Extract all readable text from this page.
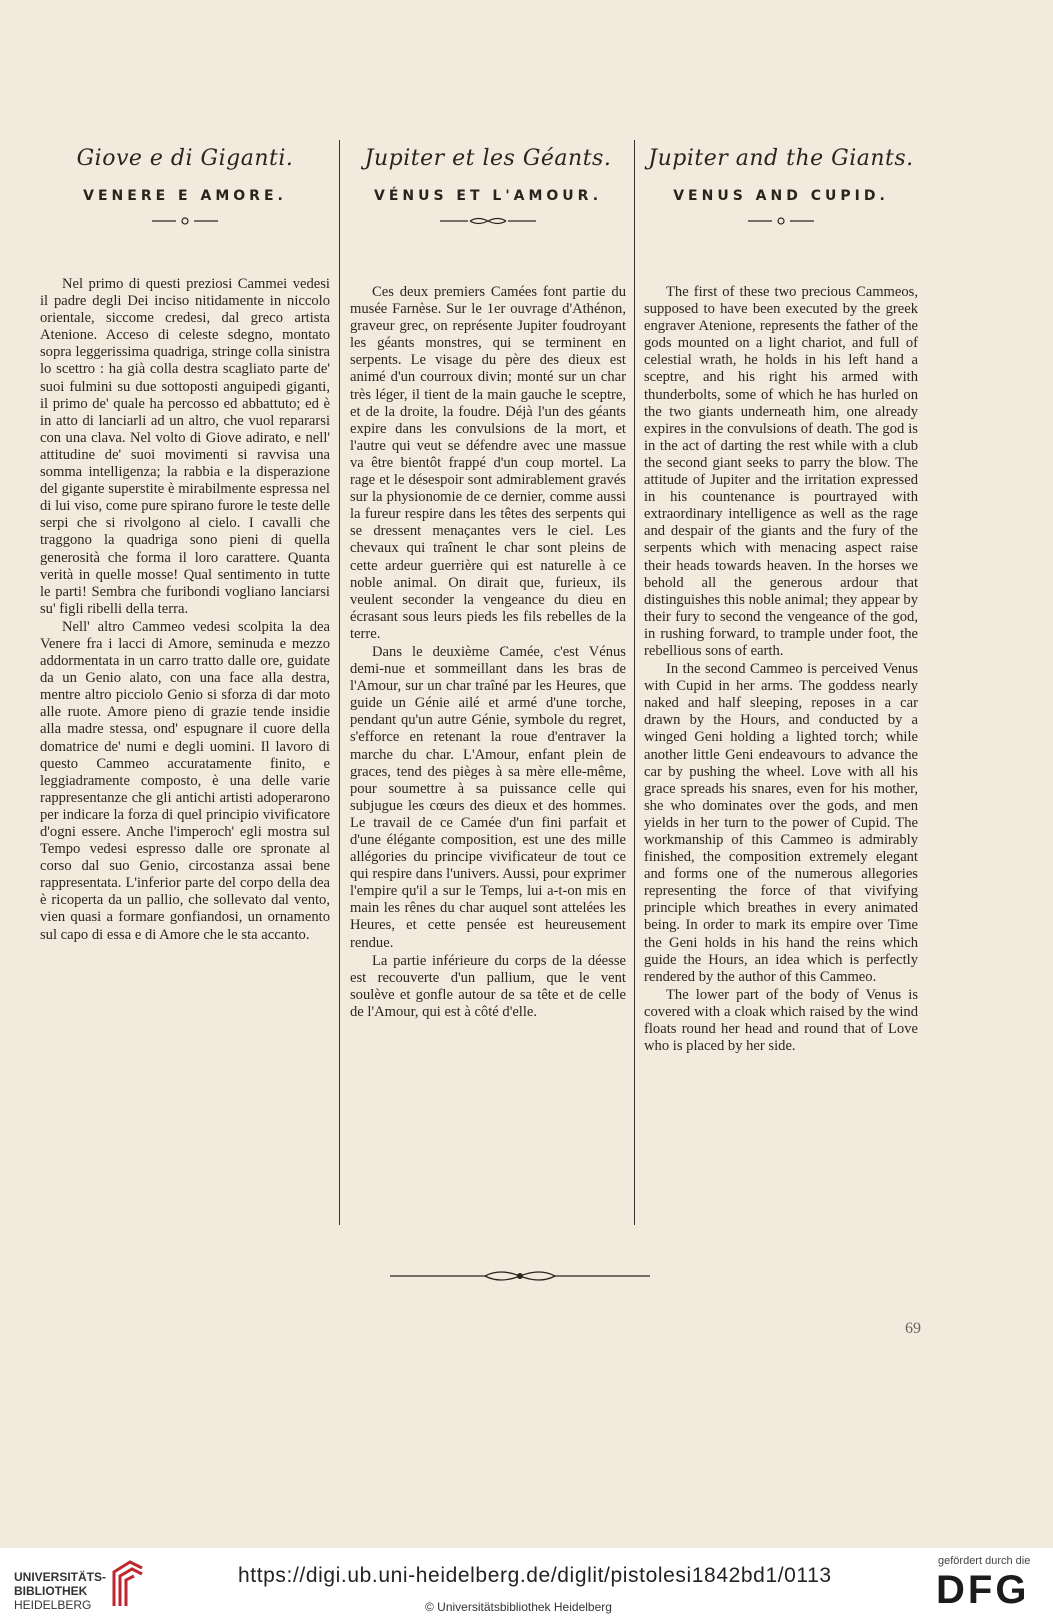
Giove e di Giganti.
VENERE E AMORE.

Nel primo di questi preziosi Cammei vedesi il padre degli Dei inciso nitidamente in niccolo orientale, siccome credesi, dal greco artista Atenione. Acceso di celeste sdegno, montato sopra leggerissima quadriga, stringe colla sinistra lo scettro : ha già colla destra scagliato parte de' suoi fulmini su due sottoposti anguipedi giganti, il primo de' quale ha percosso ed abbattuto; ed è in atto di lanciarli ad un altro, che vuol repararsi con una clava. Nel volto di Giove adirato, e nell' attitudine de' suoi movimenti si ravvisa una somma intelligenza; la rabbia e la disperazione del gigante superstite è mirabilmente espressa nel di lui viso, come pure spirano furore le teste delle serpi che si rivolgono al cielo. I cavalli che traggono la quadriga sono pieni di quella generosità che forma il loro carattere. Quanta verità in quelle mosse! Qual sentimento in tutte le parti! Sembra che furibondi vogliano lanciarsi su' figli ribelli della terra.

Nell' altro Cammeo vedesi scolpita la dea Venere fra i lacci di Amore, seminuda e mezzo addormentata in un carro tratto dalle ore, guidate da un Genio alato, con una face alla destra, mentre altro picciolo Genio si sforza di dar moto alle ruote. Amore pieno di grazie tende insidie alla madre stessa, ond' espugnare il cuore della domatrice de' numi e degli uomini. Il lavoro di questo Cammeo accuratamente finito, e leggiadramente composto, è una delle varie rappresentanze che gli antichi artisti adoperarono per indicare la forza di quel principio vivificatore d'ogni essere. Anche l'imperoch' egli mostra sul Tempo vedesi espresso dalle ore spronate al corso dal suo Genio, circostanza assai bene rappresentata. L'inferior parte del corpo della dea è ricoperta da un pallio, che sollevato dal vento, vien quasi a formare gonfiandosi, un ornamento sul capo di essa e di Amore che le sta accanto.

Jupiter et les Géants.
VÉNUS ET L'AMOUR.

Ces deux premiers Camées font partie du musée Farnèse. Sur le 1er ouvrage d'Athénon, graveur grec, on représente Jupiter foudroyant les géants monstres, qui se terminent en serpents. Le visage du père des dieux est animé d'un courroux divin; monté sur un char très léger, il tient de la main gauche le sceptre, et de la droite, la foudre. Déjà l'un des géants expire dans les convulsions de la mort, et l'autre qui veut se défendre avec une massue va être bientôt frappé d'un coup mortel. La rage et le désespoir sont admirablement gravés sur la physionomie de ce dernier, comme aussi la fureur respire dans les têtes des serpents qui se dressent menaçantes vers le ciel. Les chevaux qui traînent le char sont pleins de cette ardeur guerrière qui est naturelle à ce noble animal. On dirait que, furieux, ils veulent seconder la vengeance du dieu en écrasant sous leurs pieds les fils rebelles de la terre.

Dans le deuxième Camée, c'est Vénus demi-nue et sommeillant dans les bras de l'Amour, sur un char traîné par les Heures, que guide un Génie ailé et armé d'une torche, pendant qu'un autre Génie, symbole du regret, s'efforce en retenant la roue d'entraver la marche du char. L'Amour, enfant plein de graces, tend des pièges à sa mère elle-même, pour soumettre à sa puissance celle qui subjugue les cœurs des dieux et des hommes. Le travail de ce Camée d'un fini parfait et d'une élégante composition, est une des mille allégories du principe vivificateur de tout ce qui respire dans l'univers. Aussi, pour exprimer l'empire qu'il a sur le Temps, lui a-t-on mis en main les rênes du char auquel sont attelées les Heures, et cette pensée est heureusement rendue.

La partie inférieure du corps de la déesse est recouverte d'un pallium, que le vent soulève et gonfle autour de sa tête et de celle de l'Amour, qui est à côté d'elle.

Jupiter and the Giants.
VENUS AND CUPID.

The first of these two precious Cammeos, supposed to have been executed by the greek engraver Atenione, represents the father of the gods mounted on a light chariot, and full of celestial wrath, he holds in his left hand a sceptre, and his right his armed with thunderbolts, some of which he has hurled on the two giants underneath him, one already expires in the convulsions of death. The god is in the act of darting the rest while with a club the second giant seeks to parry the blow. The attitude of Jupiter and the irritation expressed in his countenance is pourtrayed with extraordinary intelligence as well as the rage and despair of the giants and the fury of the serpents which with menacing aspect raise their heads towards heaven. In the horses we behold all the generous ardour that distinguishes this noble animal; they appear by their fury to second the vengeance of the god, in rushing forward, to trample under foot, the rebellious sons of earth.

In the second Cammeo is perceived Venus with Cupid in her arms. The goddess nearly naked and half sleeping, reposes in a car drawn by the Hours, and conducted by a winged Geni holding a lighted torch; while another little Geni endeavours to advance the car by pushing the wheel. Love with all his grace spreads his snares, even for his mother, she who dominates over the gods, and men yields in her turn to the power of Cupid. The workmanship of this Cammeo is admirably finished, the composition extremely elegant and forms one of the numerous allegories representing the force of that vivifying principle which breathes in every animated being. In order to mark its empire over Time the Geni holds in his hand the reins which guide the Hours, an idea which is perfectly rendered by the author of this Cammeo.

The lower part of the body of Venus is covered with a cloak which raised by the wind floats round her head and round that of Love who is placed by her side.

69
UNIVERSITÄTS-
BIBLIOTHEK
HEIDELBERG
https://digi.ub.uni-heidelberg.de/diglit/pistolesi1842bd1/0113
© Universitätsbibliothek Heidelberg
gefördert durch die
DFG
